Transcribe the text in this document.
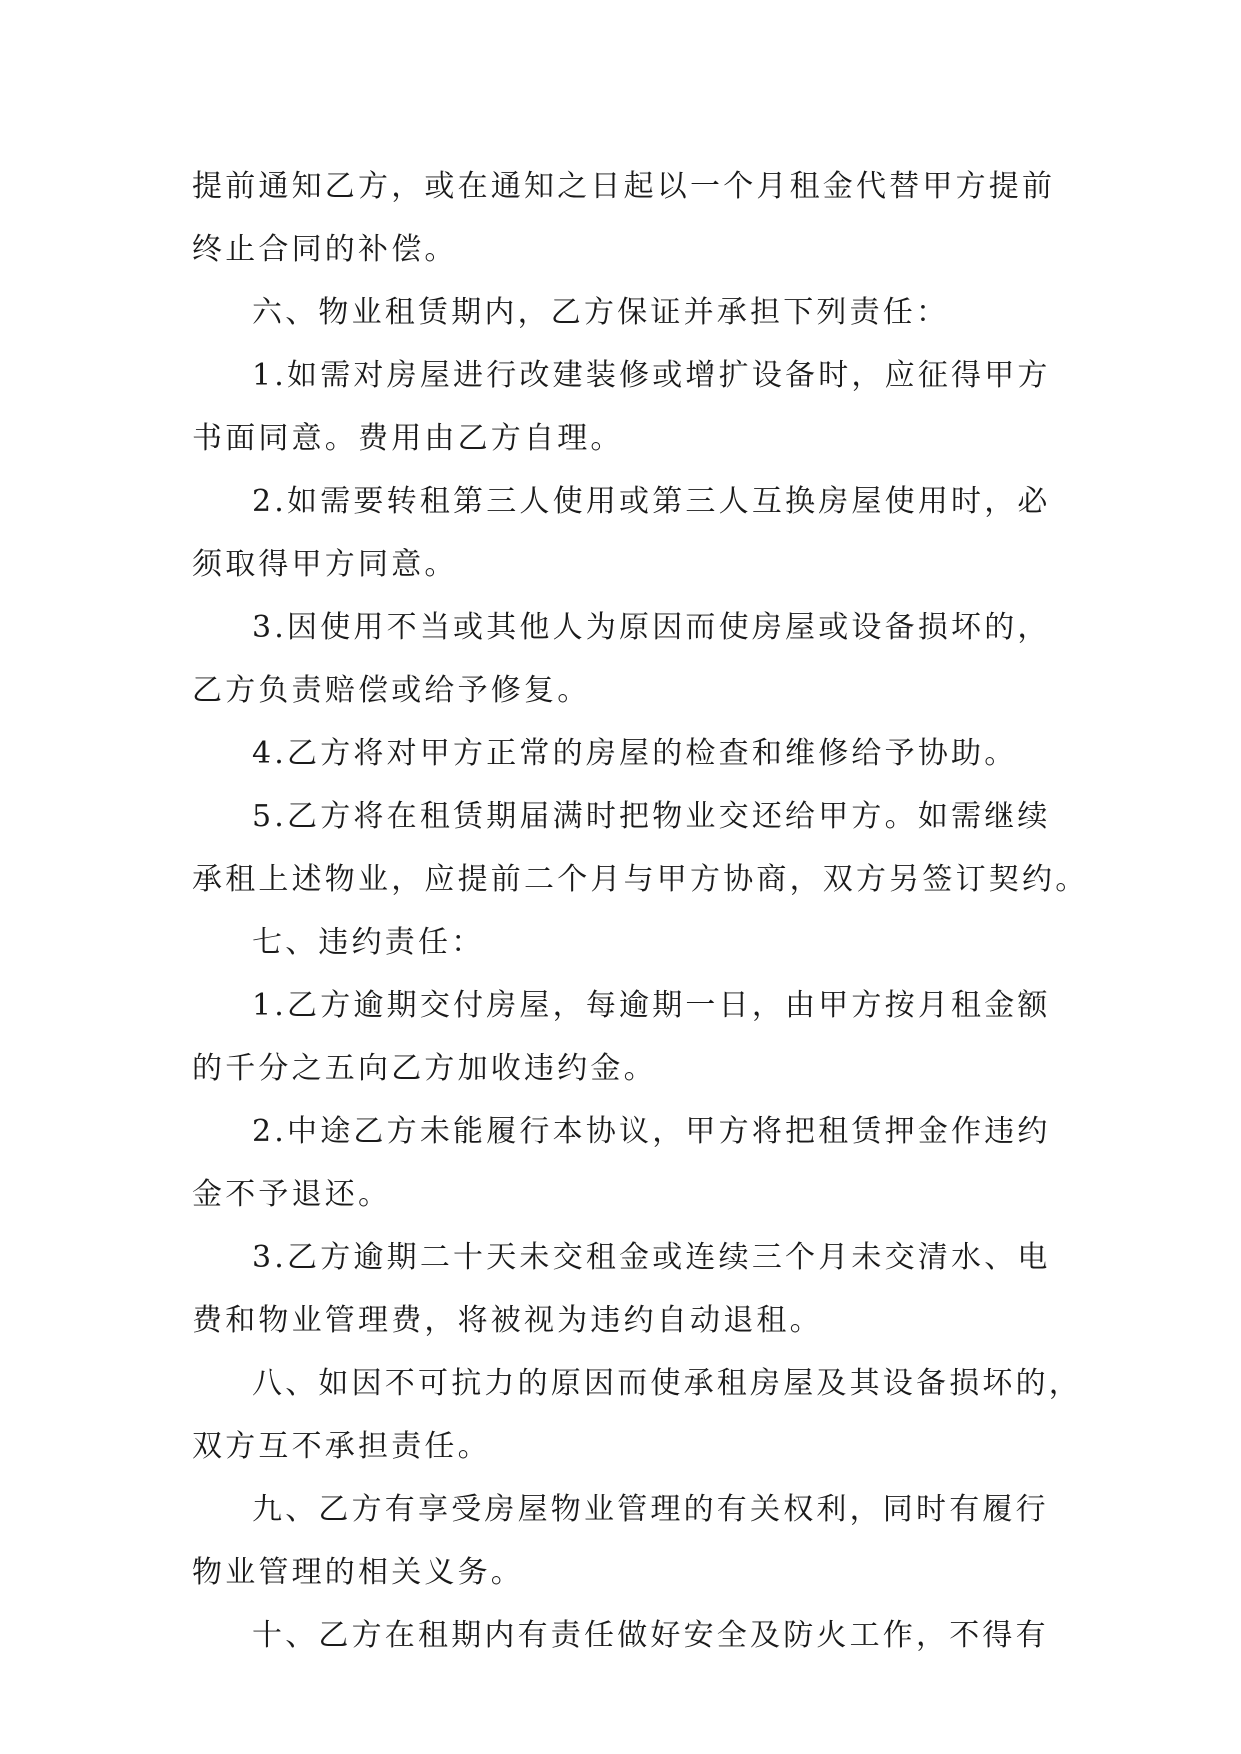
提前通知乙方，或在通知之日起以一个月租金代替甲方提前
终止合同的补偿。
六、物业租赁期内，乙方保证并承担下列责任：
1.如需对房屋进行改建装修或增扩设备时，应征得甲方
书面同意。费用由乙方自理。
2.如需要转租第三人使用或第三人互换房屋使用时，必
须取得甲方同意。
3.因使用不当或其他人为原因而使房屋或设备损坏的，
乙方负责赔偿或给予修复。
4.乙方将对甲方正常的房屋的检查和维修给予协助。
5.乙方将在租赁期届满时把物业交还给甲方。如需继续
承租上述物业，应提前二个月与甲方协商，双方另签订契约。
七、违约责任：
1.乙方逾期交付房屋，每逾期一日，由甲方按月租金额
的千分之五向乙方加收违约金。
2.中途乙方未能履行本协议，甲方将把租赁押金作违约
金不予退还。
3.乙方逾期二十天未交租金或连续三个月未交清水、电
费和物业管理费，将被视为违约自动退租。
八、如因不可抗力的原因而使承租房屋及其设备损坏的，
双方互不承担责任。
九、乙方有享受房屋物业管理的有关权利，同时有履行
物业管理的相关义务。
十、乙方在租期内有责任做好安全及防火工作，不得有
